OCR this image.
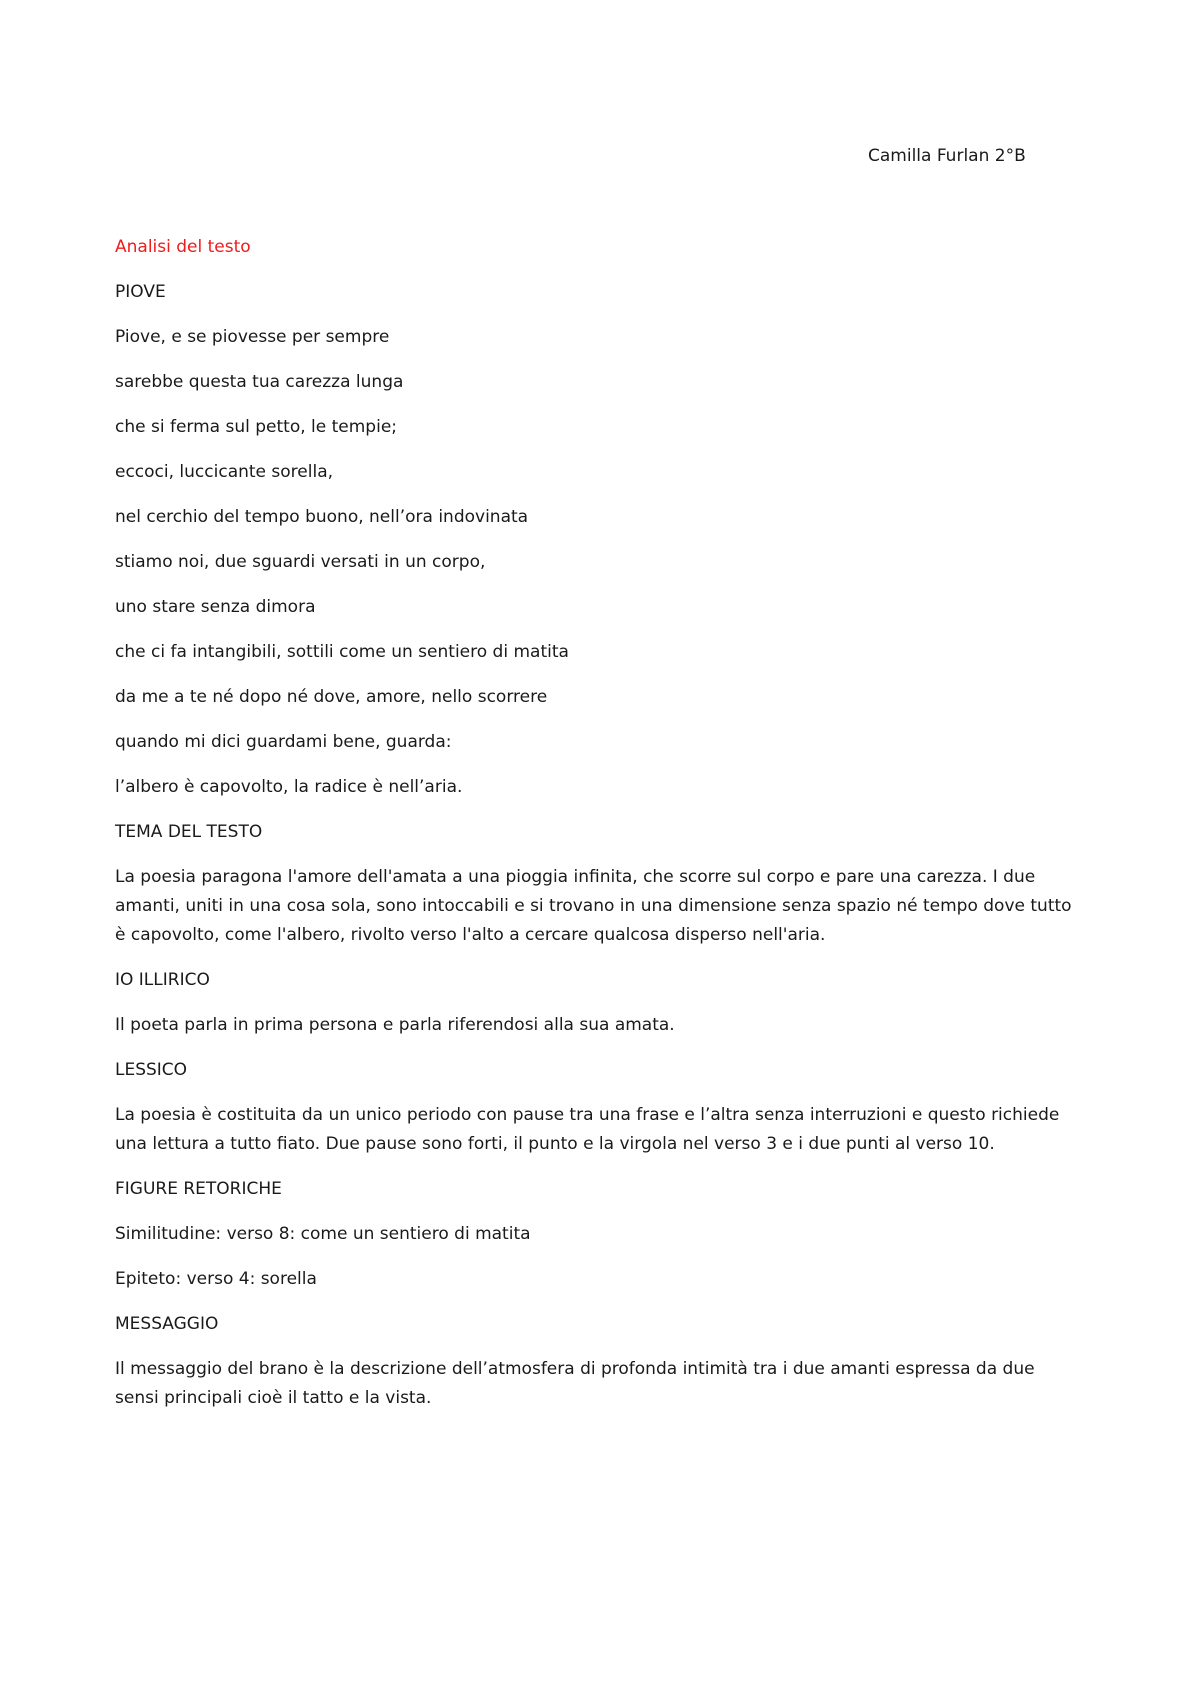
Camilla Furlan 2°B

Analisi del testo

PIOVE

Piove, e se piovesse per sempre

sarebbe questa tua carezza lunga

che si ferma sul petto, le tempie;

eccoci, luccicante sorella,

nel cerchio del tempo buono, nell’ora indovinata

stiamo noi, due sguardi versati in un corpo,

uno stare senza dimora

che ci fa intangibili, sottili come un sentiero di matita

da me a te né dopo né dove, amore, nello scorrere

quando mi dici guardami bene, guarda:

l’albero è capovolto, la radice è nell’aria.

TEMA DEL TESTO

La poesia paragona l'amore dell'amata a una pioggia infinita, che scorre sul corpo e pare una carezza. I due amanti, uniti in una cosa sola, sono intoccabili e si trovano in una dimensione senza spazio né tempo dove tutto è capovolto, come l'albero, rivolto verso l'alto a cercare qualcosa disperso nell'aria.

IO ILLIRICO

Il poeta parla in prima persona e parla riferendosi alla sua amata.

LESSICO

La poesia è costituita da un unico periodo con pause tra una frase e l’altra senza interruzioni e questo richiede una lettura a tutto fiato. Due pause sono forti, il punto e la virgola nel verso 3 e i due punti al verso 10.

FIGURE RETORICHE

Similitudine: verso 8: come un sentiero di matita

Epiteto: verso 4: sorella

MESSAGGIO

Il messaggio del brano è la descrizione dell’atmosfera di profonda intimità tra i due amanti espressa da due sensi principali cioè il tatto e la vista.
